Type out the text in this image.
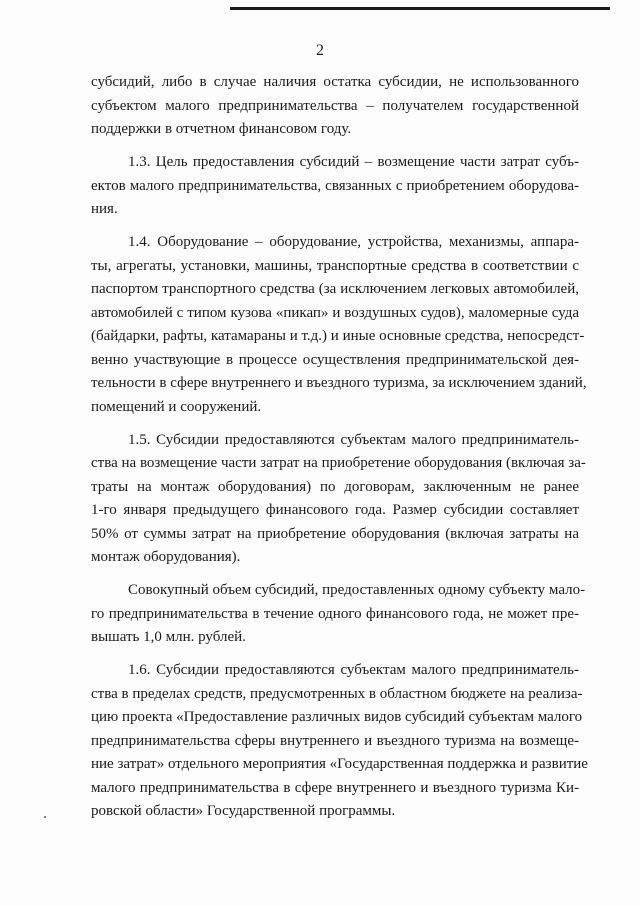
2
субсидий, либо в случае наличия остатка субсидии, не использованного
субъектом малого предпринимательства – получателем государственной
поддержки в отчетном финансовом году.
1.3. Цель предоставления субсидий – возмещение части затрат субъ-
ектов малого предпринимательства, связанных с приобретением оборудова-
ния.
1.4. Оборудование – оборудование, устройства, механизмы, аппара-
ты, агрегаты, установки, машины, транспортные средства в соответствии с
паспортом транспортного средства (за исключением легковых автомобилей,
автомобилей с типом кузова «пикап» и воздушных судов), маломерные суда
(байдарки, рафты, катамараны и т.д.) и иные основные средства, непосредст-
венно участвующие в процессе осуществления предпринимательской дея-
тельности в сфере внутреннего и въездного туризма, за исключением зданий,
помещений и сооружений.
1.5. Субсидии предоставляются субъектам малого предприниматель-
ства на возмещение части затрат на приобретение оборудования (включая за-
траты на монтаж оборудования) по договорам, заключенным не ранее
1-го января предыдущего финансового года. Размер субсидии составляет
50% от суммы затрат на приобретение оборудования (включая затраты на
монтаж оборудования).
Совокупный объем субсидий, предоставленных одному субъекту мало-
го предпринимательства в течение одного финансового года, не может пре-
вышать 1,0 млн. рублей.
1.6. Субсидии предоставляются субъектам малого предприниматель-
ства в пределах средств, предусмотренных в областном бюджете на реализа-
цию проекта «Предоставление различных видов субсидий субъектам малого
предпринимательства сферы внутреннего и въездного туризма на возмеще-
ние затрат» отдельного мероприятия «Государственная поддержка и развитие
малого предпринимательства в сфере внутреннего и въездного туризма Ки-
ровской области» Государственной программы.
